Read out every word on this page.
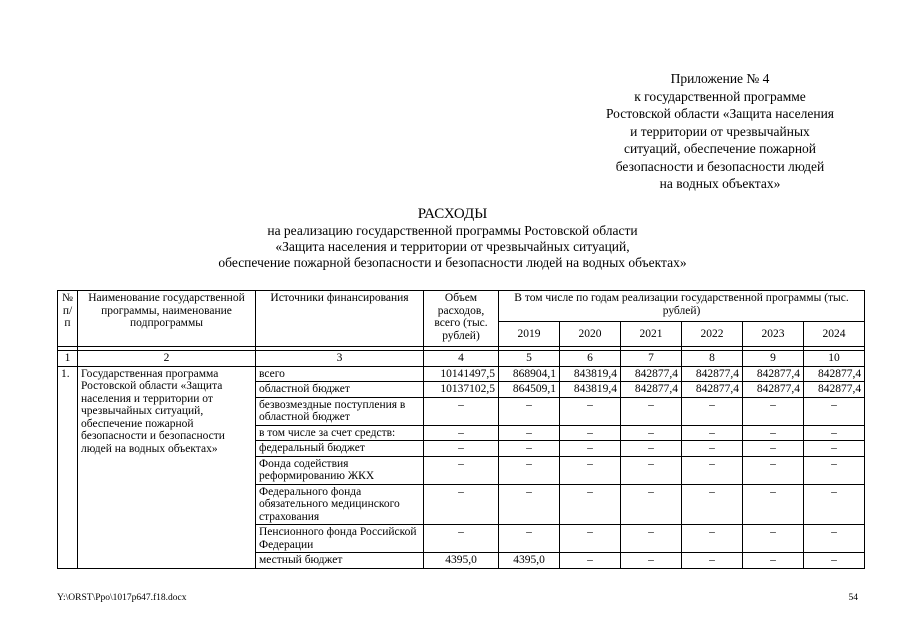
Приложение № 4
к государственной программе
Ростовской области «Защита населения
и территории от чрезвычайных
ситуаций, обеспечение пожарной
безопасности и безопасности людей
на водных объектах»
РАСХОДЫ
на реализацию государственной программы Ростовской области
«Защита населения и территории от чрезвычайных ситуаций,
обеспечение пожарной безопасности и безопасности людей на водных объектах»
№ п/п	Наименование государственной программы, наименование подпрограммы	Источники финансирования	Объем расходов, всего (тыс. рублей)	В том числе по годам реализации государственной программы (тыс. рублей)					
				2019	2020	2021	2022	2023	2024

1	2	3	4	5	6	7	8	9	10
1.	Государственная программа Ростовской области «Защита населения и территории от чрезвычайных ситуаций, обеспечение пожарной безопасности и безопасности людей на водных объектах»	всего	10141497,5	868904,1	843819,4	842877,4	842877,4	842877,4	842877,4
		областной бюджет	10137102,5	864509,1	843819,4	842877,4	842877,4	842877,4	842877,4
		безвозмездные поступления в областной бюджет	–	–	–	–	–	–	–
		в том числе за счет средств:	–	–	–	–	–	–	–
		федеральный бюджет	–	–	–	–	–	–	–
		Фонда содействия реформированию ЖКХ	–	–	–	–	–	–	–
		Федерального фонда обязательного медицинского страхования	–	–	–	–	–	–	–
		Пенсионного фонда Российской Федерации	–	–	–	–	–	–	–
		местный бюджет	4395,0	4395,0	–	–	–	–	–
Y:\ORST\Ppo\1017p647.f18.docx	54
